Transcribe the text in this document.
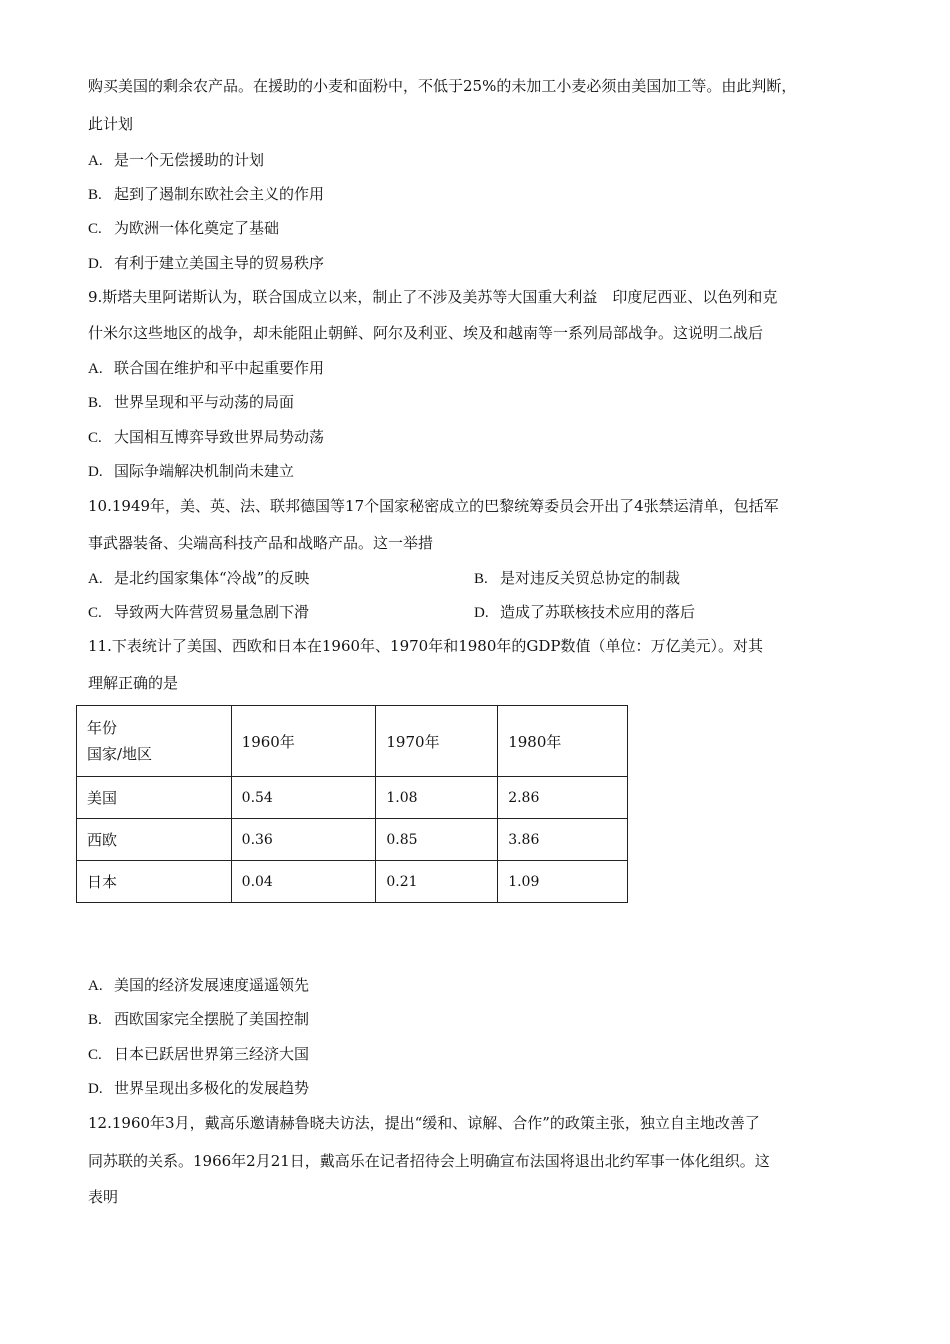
购买美国的剩余农产品。在援助的小麦和面粉中，不低于25%的未加工小麦必须由美国加工等。由此判断，
此计划
A. 是一个无偿援助的计划
B. 起到了遏制东欧社会主义的作用
C. 为欧洲一体化奠定了基础
D. 有利于建立美国主导的贸易秩序
9.斯塔夫里阿诺斯认为，联合国成立以来，制止了不涉及美苏等大国重大利益　印度尼西亚、以色列和克
什米尔这些地区的战争，却未能阻止朝鲜、阿尔及利亚、埃及和越南等一系列局部战争。这说明二战后
A. 联合国在维护和平中起重要作用
B. 世界呈现和平与动荡的局面
C. 大国相互博弈导致世界局势动荡
D. 国际争端解决机制尚未建立
10.1949年，美、英、法、联邦德国等17个国家秘密成立的巴黎统筹委员会开出了4张禁运清单，包括军
事武器装备、尖端高科技产品和战略产品。这一举措
A. 是北约国家集体“冷战”的反映	B. 是对违反关贸总协定的制裁
C. 导致两大阵营贸易量急剧下滑	D. 造成了苏联核技术应用的落后
11.下表统计了美国、西欧和日本在1960年、1970年和1980年的GDP数值（单位：万亿美元）。对其
理解正确的是
年份
国家/地区	1960年	1970年	1980年
美国	0.54	1.08	2.86
西欧	0.36	0.85	3.86
日本	0.04	0.21	1.09
A. 美国的经济发展速度遥遥领先
B. 西欧国家完全摆脱了美国控制
C. 日本已跃居世界第三经济大国
D. 世界呈现出多极化的发展趋势
12.1960年3月，戴高乐邀请赫鲁晓夫访法，提出“缓和、谅解、合作”的政策主张，独立自主地改善了
同苏联的关系。1966年2月21日，戴高乐在记者招待会上明确宣布法国将退出北约军事一体化组织。这
表明
